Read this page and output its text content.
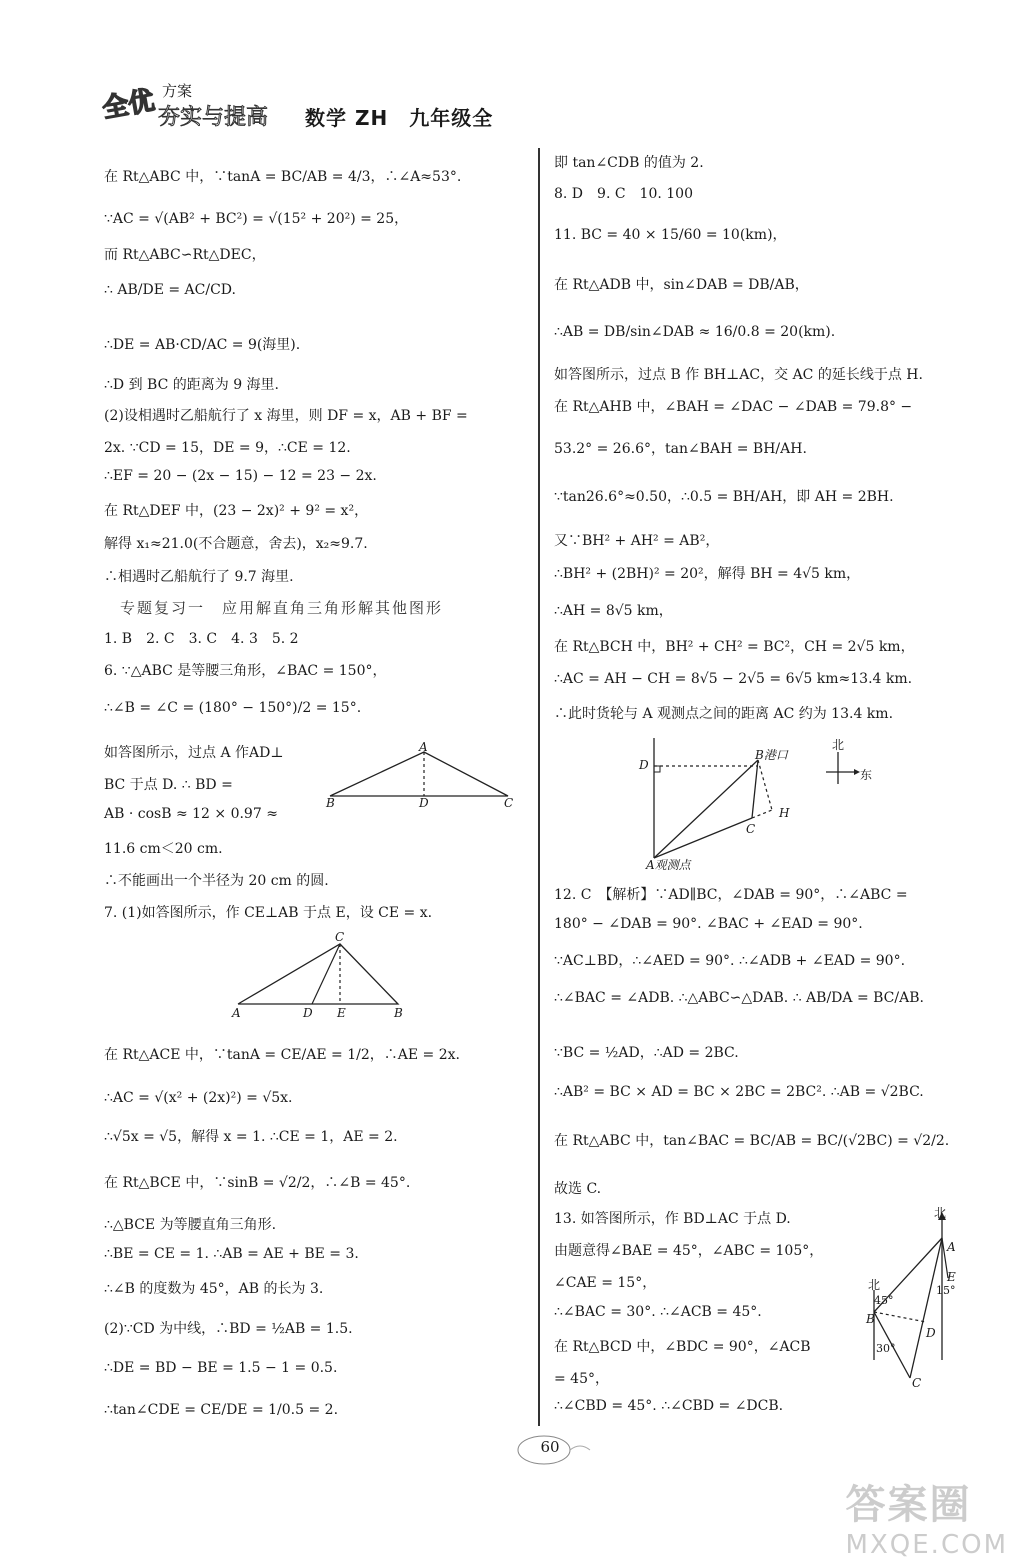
全优 方案
夯实与提高 数学 ZH　九年级全
在 Rt△ABC 中，∵tanA = BC/AB = 4/3，∴∠A≈53°.
∵AC = √(AB² + BC²) = √(15² + 20²) = 25，
而 Rt△ABC∽Rt△DEC，
∴ AB/DE = AC/CD.
∴DE = AB·CD/AC = 9(海里).
∴D 到 BC 的距离为 9 海里.
(2)设相遇时乙船航行了 x 海里，则 DF = x，AB + BF =
2x. ∵CD = 15，DE = 9，∴CE = 12.
∴EF = 20 − (2x − 15) − 12 = 23 − 2x.
在 Rt△DEF 中，(23 − 2x)² + 9² = x²，
解得 x₁≈21.0(不合题意，舍去)，x₂≈9.7.
∴相遇时乙船航行了 9.7 海里.
专题复习一　应用解直角三角形解其他图形
1. B　2. C　3. C　4. 3　5. 2
6. ∵△ABC 是等腰三角形，∠BAC = 150°，
∴∠B = ∠C = (180° − 150°)/2 = 15°.
如答图所示，过点 A 作AD⊥
BC 于点 D. ∴ BD =
AB · cosB ≈ 12 × 0.97 ≈
11.6 cm＜20 cm.
∴不能画出一个半径为 20 cm 的圆.
7. (1)如答图所示，作 CE⊥AB 于点 E，设 CE = x.
在 Rt△ACE 中，∵tanA = CE/AE = 1/2，∴AE = 2x.
∴AC = √(x² + (2x)²) = √5x.
∴√5x = √5，解得 x = 1. ∴CE = 1，AE = 2.
在 Rt△BCE 中，∵sinB = √2/2，∴∠B = 45°.
∴△BCE 为等腰直角三角形.
∴BE = CE = 1. ∴AB = AE + BE = 3.
∴∠B 的度数为 45°，AB 的长为 3.
(2)∵CD 为中线，∴BD = ½AB = 1.5.
∴DE = BD − BE = 1.5 − 1 = 0.5.
∴tan∠CDE = CE/DE = 1/0.5 = 2.
A
B	D	C
C
A	D E	B
即 tan∠CDB 的值为 2.
8. D　9. C　10. 100
11. BC = 40 × 15/60 = 10(km)，
在 Rt△ADB 中，sin∠DAB = DB/AB，
∴AB = DB/sin∠DAB ≈ 16/0.8 = 20(km).
如答图所示，过点 B 作 BH⊥AC，交 AC 的延长线于点 H.
在 Rt△AHB 中，∠BAH = ∠DAC − ∠DAB = 79.8° −
53.2° = 26.6°，tan∠BAH = BH/AH.
∵tan26.6°≈0.50，∴0.5 = BH/AH，即 AH = 2BH.
又∵BH² + AH² = AB²，
∴BH² + (2BH)² = 20²，解得 BH = 4√5 km，
∴AH = 8√5 km，
在 Rt△BCH 中，BH² + CH² = BC²，CH = 2√5 km，
∴AC = AH − CH = 8√5 − 2√5 = 6√5 km≈13.4 km.
∴此时货轮与 A 观测点之间的距离 AC 约为 13.4 km.
12. C　【解析】∵AD∥BC，∠DAB = 90°，∴∠ABC =
180° − ∠DAB = 90°. ∠BAC + ∠EAD = 90°.
∵AC⊥BD，∴∠AED = 90°. ∴∠ADB + ∠EAD = 90°.
∴∠BAC = ∠ADB. ∴△ABC∽△DAB. ∴ AB/DA = BC/AB.
∵BC = ½AD，∴AD = 2BC.
∴AB² = BC × AD = BC × 2BC = 2BC². ∴AB = √2BC.
在 Rt△ABC 中，tan∠BAC = BC/AB = BC/(√2BC) = √2/2.
故选 C.
13. 如答图所示，作 BD⊥AC 于点 D.
由题意得∠BAE = 45°，∠ABC = 105°，
∠CAE = 15°，
∴∠BAC = 30°. ∴∠ACB = 45°.
在 Rt△BCD 中，∠BDC = 90°，∠ACB
= 45°，
∴∠CBD = 45°. ∴∠CBD = ∠DCB.
D
B港口
H
C
A观测点
北
东
北
北
A
E
B
D
C
45°
15°
30°
60
答案圈
MXQE.COM
